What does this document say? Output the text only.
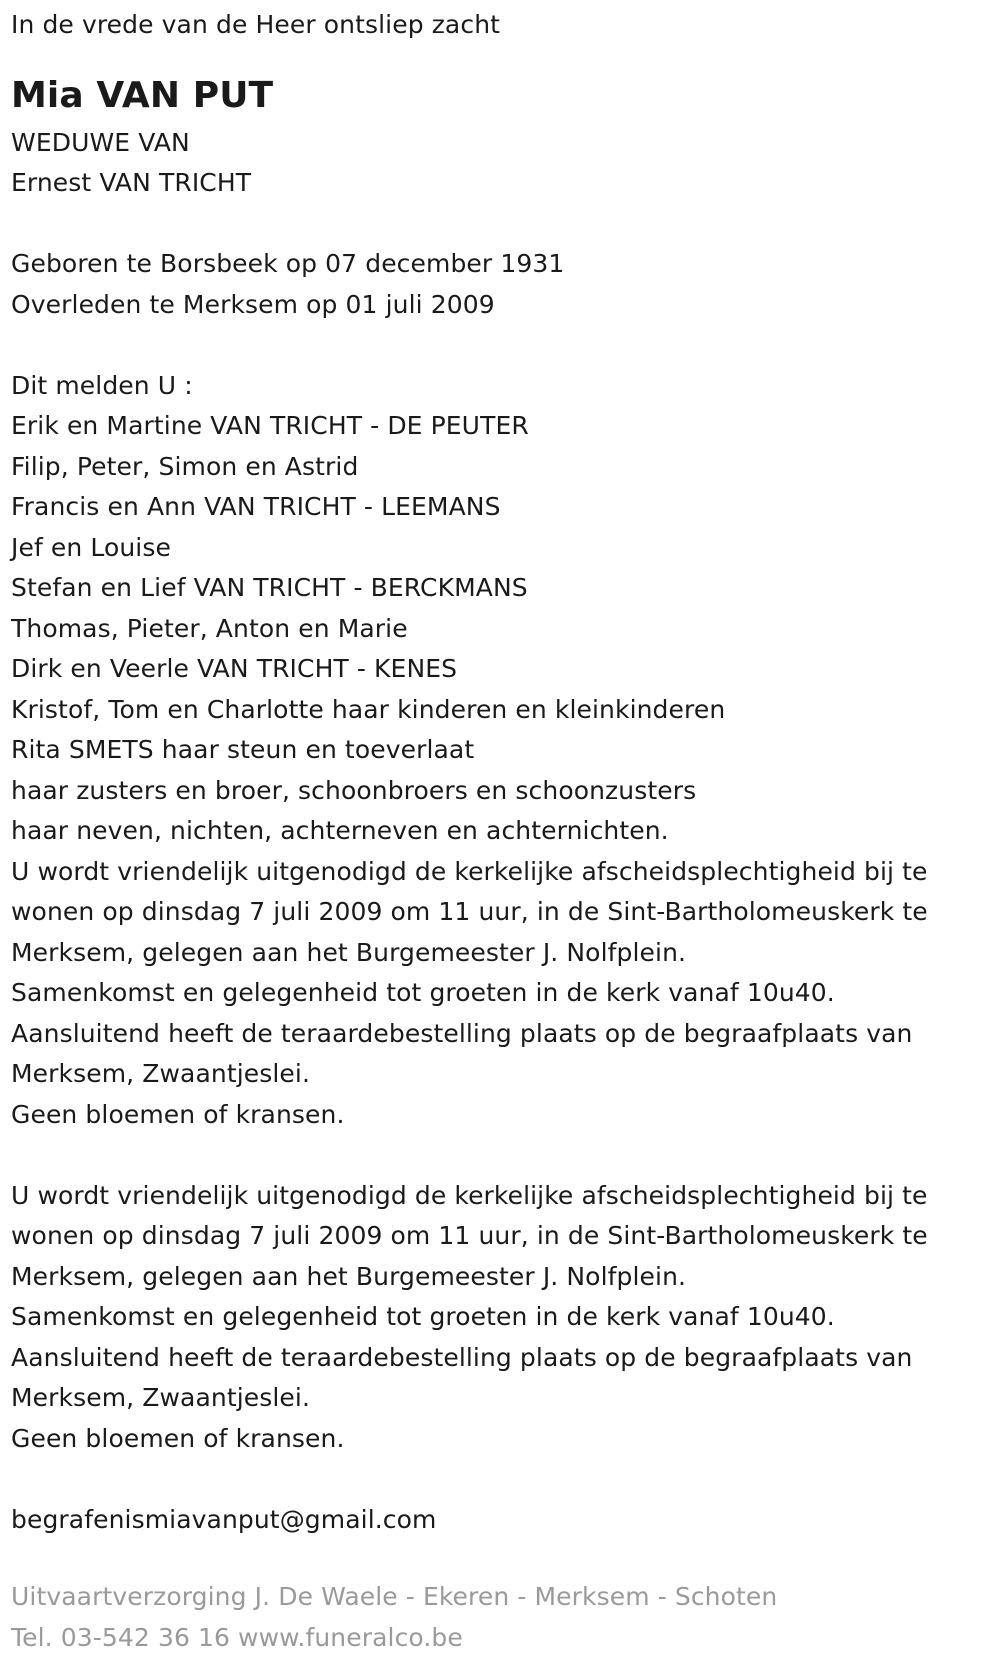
In de vrede van de Heer ontsliep zacht
Mia VAN PUT
WEDUWE VAN
Ernest VAN TRICHT
Geboren te Borsbeek op 07 december 1931
Overleden te Merksem op 01 juli 2009
Dit melden U :
Erik en Martine VAN TRICHT - DE PEUTER
Filip, Peter, Simon en Astrid
Francis en Ann VAN TRICHT - LEEMANS
Jef en Louise
Stefan en Lief VAN TRICHT - BERCKMANS
Thomas, Pieter, Anton en Marie
Dirk en Veerle VAN TRICHT - KENES
Kristof, Tom en Charlotte haar kinderen en kleinkinderen
Rita SMETS haar steun en toeverlaat
haar zusters en broer, schoonbroers en schoonzusters
haar neven, nichten, achterneven en achternichten.
U wordt vriendelijk uitgenodigd de kerkelijke afscheidsplechtigheid bij te
wonen op dinsdag 7 juli 2009 om 11 uur, in de Sint-Bartholomeuskerk te
Merksem, gelegen aan het Burgemeester J. Nolfplein.
Samenkomst en gelegenheid tot groeten in de kerk vanaf 10u40.
Aansluitend heeft de teraardebestelling plaats op de begraafplaats van
Merksem, Zwaantjeslei.
Geen bloemen of kransen.
U wordt vriendelijk uitgenodigd de kerkelijke afscheidsplechtigheid bij te
wonen op dinsdag 7 juli 2009 om 11 uur, in de Sint-Bartholomeuskerk te
Merksem, gelegen aan het Burgemeester J. Nolfplein.
Samenkomst en gelegenheid tot groeten in de kerk vanaf 10u40.
Aansluitend heeft de teraardebestelling plaats op de begraafplaats van
Merksem, Zwaantjeslei.
Geen bloemen of kransen.
begrafenismiavanput@gmail.com
Uitvaartverzorging J. De Waele - Ekeren - Merksem - Schoten
Tel. 03-542 36 16 www.funeralco.be
